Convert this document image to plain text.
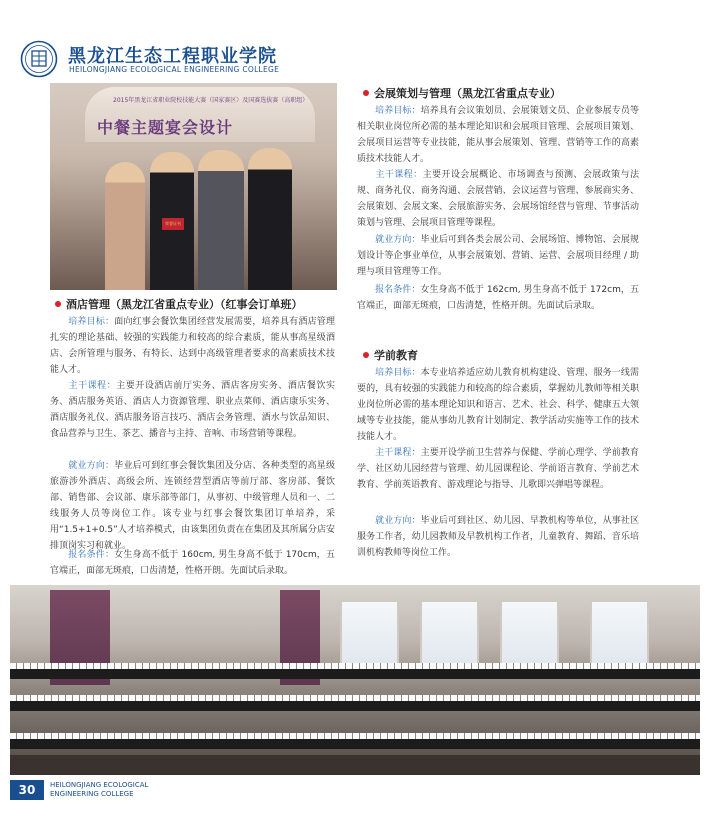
黑龙江生态工程职业学院
HEILONGJIANG ECOLOGICAL ENGINEERING COLLEGE
2015年黑龙江省职业院校技能大赛（国家赛区）及国赛选拔赛（高职组）
中餐主题宴会设计
荣誉证书
酒店管理（黑龙江省重点专业）（红事会订单班）

  培养目标：面向红事会餐饮集团经营发展需要，培养具有酒店管理扎实的理论基础、较强的实践能力和较高的综合素质，能从事高星级酒店、会所管理与服务、有特长、达到中高级管理者要求的高素质技术技能人才。

  主干课程：主要开设酒店前厅实务、酒店客房实务、酒店餐饮实务、酒店服务英语、酒店人力资源管理、职业点菜师、酒店康乐实务、酒店服务礼仪、酒店服务语言技巧、酒店会务管理、酒水与饮品知识、食品营养与卫生、茶艺、播音与主持、音响、市场营销等课程。

  就业方向：毕业后可到红事会餐饮集团及分店、各种类型的高星级旅游涉外酒店、高级会所、连锁经营型酒店等前厅部、客房部、餐饮部、销售部、会议部、康乐部等部门，从事初、中级管理人员和一、二线服务人员等岗位工作。该专业与红事会餐饮集团订单培养，采用“1.5+1+0.5”人才培养模式，由该集团负责在在集团及其所属分店安排顶岗实习和就业。

  报名条件：女生身高不低于 160cm, 男生身高不低于 170cm，五官端正，面部无斑痕，口齿清楚，性格开朗。先面试后录取。

会展策划与管理（黑龙江省重点专业）

  培养目标：培养具有会议策划员、会展策划文员、企业参展专员等相关职业岗位所必需的基本理论知识和会展项目管理、会展项目策划、会展项目运营等专业技能，能从事会展策划、管理、营销等工作的高素质技术技能人才。

  主干课程：主要开设会展概论、市场调查与预测、会展政策与法规、商务礼仪、商务沟通、会展营销、会议运营与管理、参展商实务、会展策划、会展文案、会展旅游实务、会展场馆经营与管理、节事活动策划与管理、会展项目管理等课程。

  就业方向：毕业后可到各类会展公司、会展场馆、博物馆、会展规划设计等企事业单位，从事会展策划、营销、运营、会展项目经理 / 助理与项目管理等工作。

  报名条件：女生身高不低于 162cm, 男生身高不低于 172cm，五官端正，面部无斑痕，口齿清楚，性格开朗。先面试后录取。

学前教育

  培养目标：本专业培养适应幼儿教育机构建设、管理、服务一线需要的，具有较强的实践能力和较高的综合素质，掌握幼儿教师等相关职业岗位所必需的基本理论知识和语言、艺术、社会、科学、健康五大领域等专业技能，能从事幼儿教育计划制定、教学活动实施等工作的技术技能人才。

  主干课程：主要开设学前卫生营养与保健、学前心理学、学前教育学、社区幼儿园经营与管理、幼儿园课程论、学前语言教育、学前艺术教育、学前英语教育、游戏理论与指导、儿歌即兴弹唱等课程。

  就业方向：毕业后可到社区、幼儿园、早教机构等单位，从事社区服务工作者，幼儿园教师及早教机构工作者，儿童教育、舞蹈、音乐培训机构教师等岗位工作。

30	HEILONGJIANG ECOLOGICAL
ENGINEERING COLLEGE
